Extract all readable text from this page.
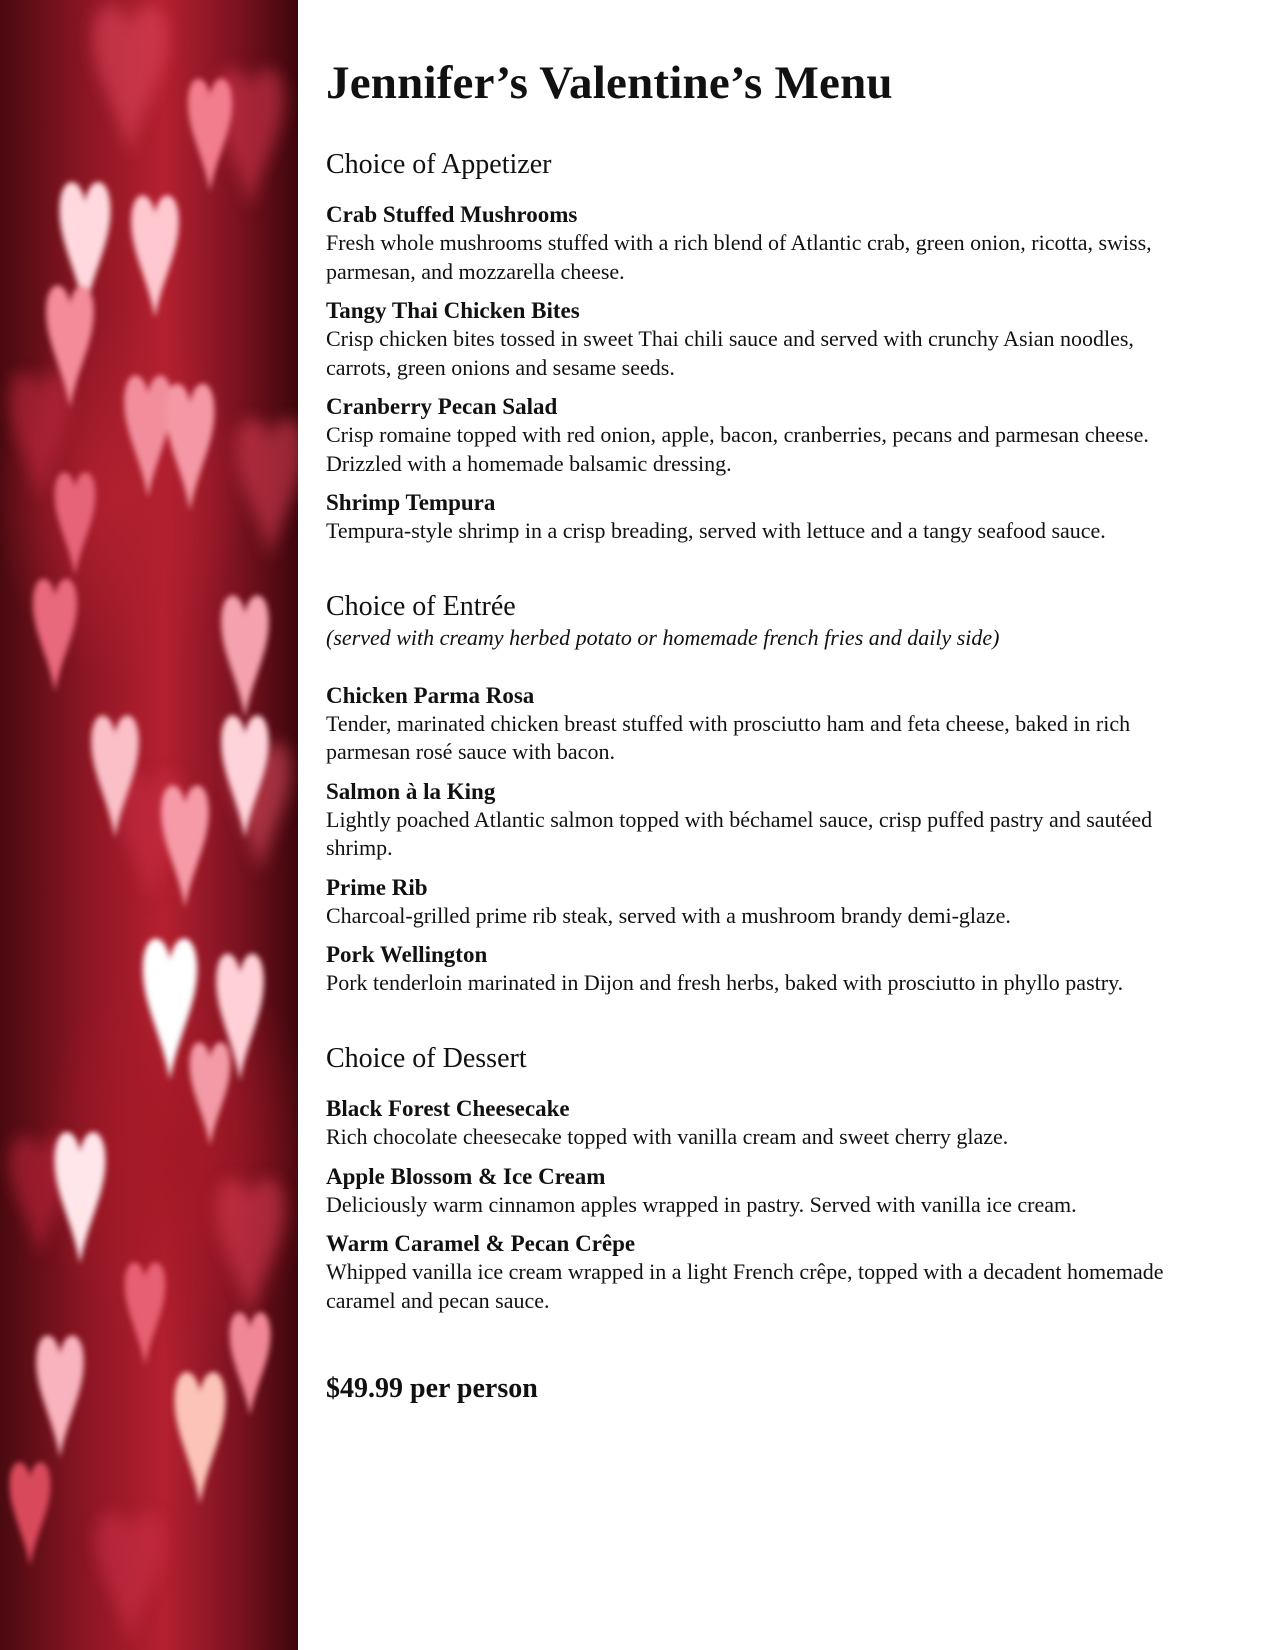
Jennifer’s Valentine’s Menu
Choice of Appetizer
Crab Stuffed Mushrooms
Fresh whole mushrooms stuffed with a rich blend of Atlantic crab, green onion, ricotta, swiss, parmesan, and mozzarella cheese.
Tangy Thai Chicken Bites
Crisp chicken bites tossed in sweet Thai chili sauce and served with crunchy Asian noodles, carrots, green onions and sesame seeds.
Cranberry Pecan Salad
Crisp romaine topped with red onion, apple, bacon, cranberries, pecans and parmesan cheese. Drizzled with a homemade balsamic dressing.
Shrimp Tempura
Tempura-style shrimp in a crisp breading, served with lettuce and a tangy seafood sauce.
Choice of Entrée
(served with creamy herbed potato or homemade french fries and daily side)
Chicken Parma Rosa
Tender, marinated chicken breast stuffed with prosciutto ham and feta cheese, baked in rich parmesan rosé sauce with bacon.
Salmon à la King
Lightly poached Atlantic salmon topped with béchamel sauce, crisp puffed pastry and sautéed shrimp.
Prime Rib
Charcoal-grilled prime rib steak, served with a mushroom brandy demi-glaze.
Pork Wellington
Pork tenderloin marinated in Dijon and fresh herbs, baked with prosciutto in phyllo pastry.
Choice of Dessert
Black Forest Cheesecake
Rich chocolate cheesecake topped with vanilla cream and sweet cherry glaze.
Apple Blossom & Ice Cream
Deliciously warm cinnamon apples wrapped in pastry. Served with vanilla ice cream.
Warm Caramel & Pecan Crêpe
Whipped vanilla ice cream wrapped in a light French crêpe, topped with a decadent homemade caramel and pecan sauce.
$49.99 per person
